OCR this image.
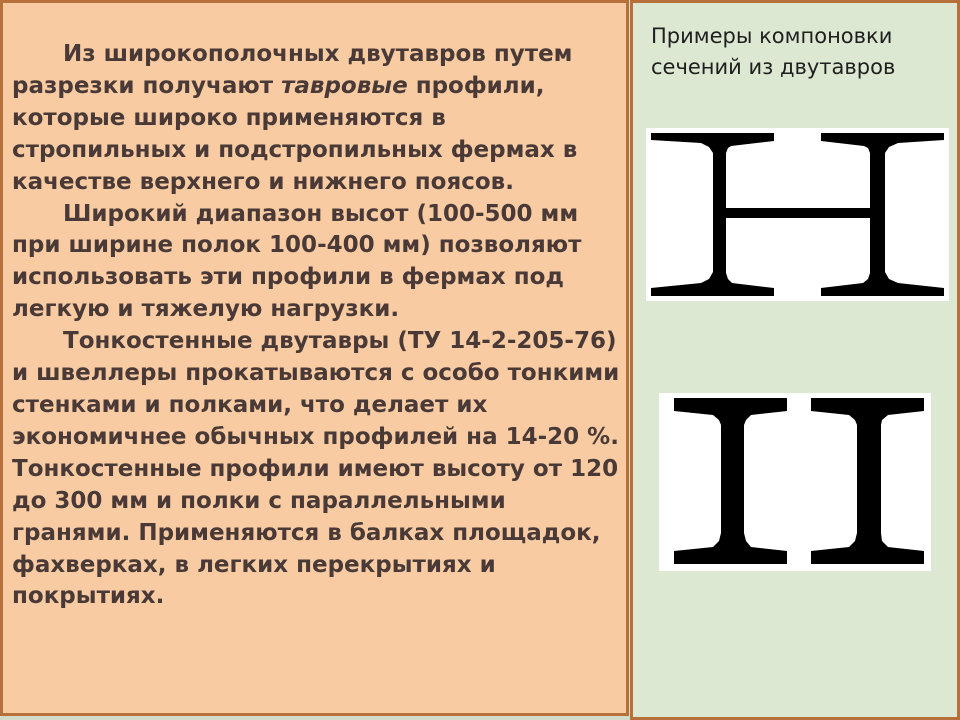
Из широкополочных двутавров путем разрезки получают тавровые профили, которые широко применяются в стропильных и подстропильных фермах в качестве верхнего и нижнего поясов.

Широкий диапазон высот (100-500 мм при ширине полок 100-400 мм) позволяют использовать эти профили в фермах под легкую и тяжелую нагрузки.

Тонкостенные двутавры (ТУ 14-2-205-76) и швеллеры прокатываются с особо тонкими стенками и полками, что делает их экономичнее обычных профилей на 14-20 %. Тонкостенные профили имеют высоту от 120 до 300 мм и полки с параллельными гранями. Применяются в балках площадок, фахверках, в легких перекрытиях и покрытиях.

Примеры компоновки сечений из двутавров
